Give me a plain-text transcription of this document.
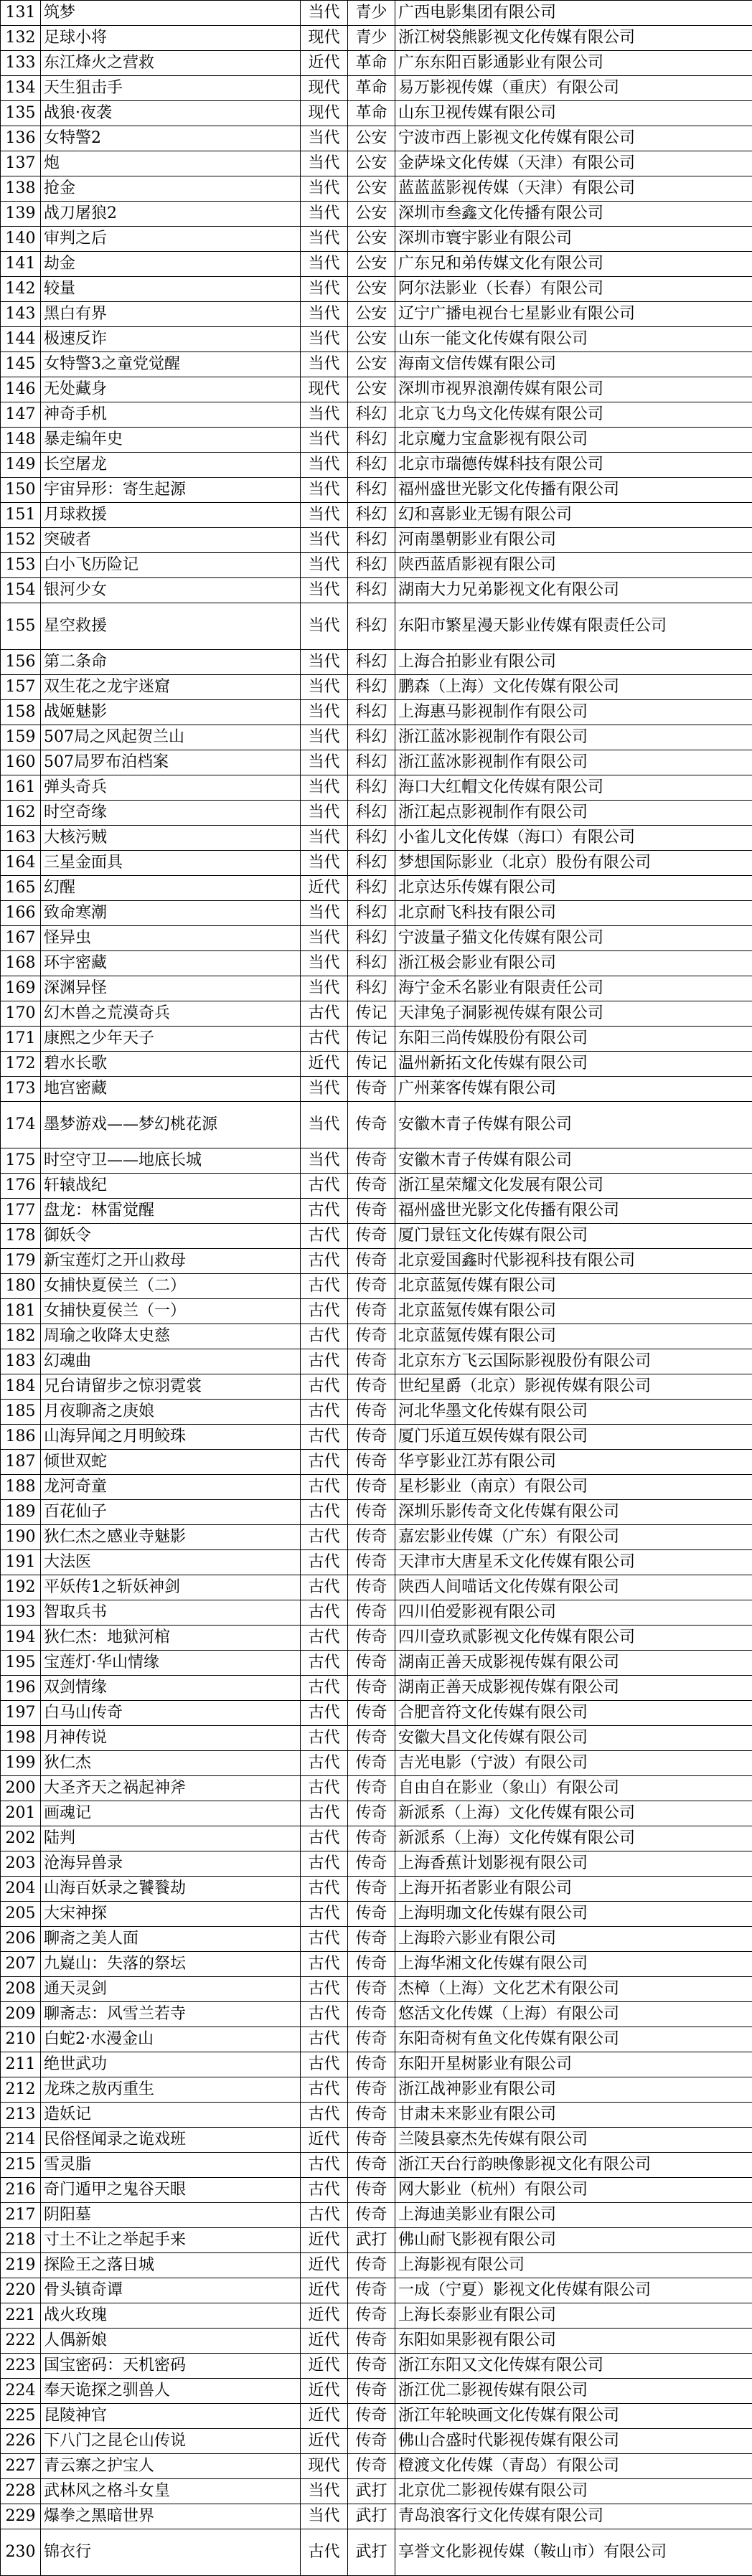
131	筑梦	当代	青少	广西电影集团有限公司
132	足球小将	现代	青少	浙江树袋熊影视文化传媒有限公司
133	东江烽火之营救	近代	革命	广东东阳百影通影业有限公司
134	天生狙击手	现代	革命	易万影视传媒（重庆）有限公司
135	战狼·夜袭	现代	革命	山东卫视传媒有限公司
136	女特警2	当代	公安	宁波市西上影视文化传媒有限公司
137	炮	当代	公安	金萨垛文化传媒（天津）有限公司
138	抢金	当代	公安	蓝蓝蓝影视传媒（天津）有限公司
139	战刀屠狼2	当代	公安	深圳市叁鑫文化传播有限公司
140	审判之后	当代	公安	深圳市寰宇影业有限公司
141	劫金	当代	公安	广东兄和弟传媒文化有限公司
142	较量	当代	公安	阿尔法影业（长春）有限公司
143	黑白有界	当代	公安	辽宁广播电视台七星影业有限公司
144	极速反诈	当代	公安	山东一能文化传媒有限公司
145	女特警3之童党觉醒	当代	公安	海南文信传媒有限公司
146	无处藏身	现代	公安	深圳市视界浪潮传媒有限公司
147	神奇手机	当代	科幻	北京飞力鸟文化传媒有限公司
148	暴走编年史	当代	科幻	北京魔力宝盒影视有限公司
149	长空屠龙	当代	科幻	北京市瑞德传媒科技有限公司
150	宇宙异形：寄生起源	当代	科幻	福州盛世光影文化传播有限公司
151	月球救援	当代	科幻	幻和喜影业无锡有限公司
152	突破者	当代	科幻	河南墨朝影业有限公司
153	白小飞历险记	当代	科幻	陕西蓝盾影视有限公司
154	银河少女	当代	科幻	湖南大力兄弟影视文化有限公司
155	星空救援	当代	科幻	东阳市繁星漫天影业传媒有限责任公司
156	第二条命	当代	科幻	上海合拍影业有限公司
157	双生花之龙宇迷窟	当代	科幻	鹏森（上海）文化传媒有限公司
158	战姬魅影	当代	科幻	上海惠马影视制作有限公司
159	507局之风起贺兰山	当代	科幻	浙江蓝冰影视制作有限公司
160	507局罗布泊档案	当代	科幻	浙江蓝冰影视制作有限公司
161	弹头奇兵	当代	科幻	海口大红帽文化传媒有限公司
162	时空奇缘	当代	科幻	浙江起点影视制作有限公司
163	大核污贼	当代	科幻	小雀儿文化传媒（海口）有限公司
164	三星金面具	当代	科幻	梦想国际影业（北京）股份有限公司
165	幻醒	近代	科幻	北京达乐传媒有限公司
166	致命寒潮	当代	科幻	北京耐飞科技有限公司
167	怪异虫	当代	科幻	宁波量子猫文化传媒有限公司
168	环宇密藏	当代	科幻	浙江极会影业有限公司
169	深渊异怪	当代	科幻	海宁金禾名影业有限责任公司
170	幻木兽之荒漠奇兵	古代	传记	天津兔子洞影视传媒有限公司
171	康熙之少年天子	古代	传记	东阳三尚传媒股份有限公司
172	碧水长歌	近代	传记	温州新拓文化传媒有限公司
173	地宫密藏	当代	传奇	广州莱客传媒有限公司
174	墨梦游戏——梦幻桃花源	当代	传奇	安徽木青子传媒有限公司
175	时空守卫——地底长城	当代	传奇	安徽木青子传媒有限公司
176	轩辕战纪	古代	传奇	浙江星荣耀文化发展有限公司
177	盘龙：林雷觉醒	古代	传奇	福州盛世光影文化传播有限公司
178	御妖令	古代	传奇	厦门景钰文化传媒有限公司
179	新宝莲灯之开山救母	古代	传奇	北京爱国鑫时代影视科技有限公司
180	女捕快夏侯兰（二）	古代	传奇	北京蓝氪传媒有限公司
181	女捕快夏侯兰（一）	古代	传奇	北京蓝氪传媒有限公司
182	周瑜之收降太史慈	古代	传奇	北京蓝氪传媒有限公司
183	幻魂曲	古代	传奇	北京东方飞云国际影视股份有限公司
184	兄台请留步之惊羽霓裳	古代	传奇	世纪星爵（北京）影视传媒有限公司
185	月夜聊斋之庚娘	古代	传奇	河北华墨文化传媒有限公司
186	山海异闻之月明鲛珠	古代	传奇	厦门乐道互娱传媒有限公司
187	倾世双蛇	古代	传奇	华亨影业江苏有限公司
188	龙河奇童	古代	传奇	星杉影业（南京）有限公司
189	百花仙子	古代	传奇	深圳乐影传奇文化传媒有限公司
190	狄仁杰之感业寺魅影	古代	传奇	嘉宏影业传媒（广东）有限公司
191	大法医	古代	传奇	天津市大唐星禾文化传媒有限公司
192	平妖传1之斩妖神剑	古代	传奇	陕西人间喵话文化传媒有限公司
193	智取兵书	古代	传奇	四川伯爱影视有限公司
194	狄仁杰：地狱河棺	古代	传奇	四川壹玖贰影视文化传媒有限公司
195	宝莲灯·华山情缘	古代	传奇	湖南正善天成影视传媒有限公司
196	双剑情缘	古代	传奇	湖南正善天成影视传媒有限公司
197	白马山传奇	古代	传奇	合肥音符文化传媒有限公司
198	月神传说	古代	传奇	安徽大昌文化传媒有限公司
199	狄仁杰	古代	传奇	吉光电影（宁波）有限公司
200	大圣齐天之祸起神斧	古代	传奇	自由自在影业（象山）有限公司
201	画魂记	古代	传奇	新派系（上海）文化传媒有限公司
202	陆判	古代	传奇	新派系（上海）文化传媒有限公司
203	沧海异兽录	古代	传奇	上海香蕉计划影视有限公司
204	山海百妖录之饕餮劫	古代	传奇	上海开拓者影业有限公司
205	大宋神探	古代	传奇	上海明珈文化传媒有限公司
206	聊斋之美人面	古代	传奇	上海聆六影业有限公司
207	九嶷山：失落的祭坛	古代	传奇	上海华湘文化传媒有限公司
208	通天灵剑	古代	传奇	杰樟（上海）文化艺术有限公司
209	聊斋志：风雪兰若寺	古代	传奇	悠活文化传媒（上海）有限公司
210	白蛇2·水漫金山	古代	传奇	东阳奇树有鱼文化传媒有限公司
211	绝世武功	古代	传奇	东阳开星树影业有限公司
212	龙珠之敖丙重生	古代	传奇	浙江战神影业有限公司
213	造妖记	古代	传奇	甘肃未来影业有限公司
214	民俗怪闻录之诡戏班	近代	传奇	兰陵县豪杰先传媒有限公司
215	雪灵脂	古代	传奇	浙江天台行韵映像影视文化有限公司
216	奇门遁甲之鬼谷天眼	古代	传奇	网大影业（杭州）有限公司
217	阴阳墓	古代	传奇	上海迪美影业有限公司
218	寸土不让之举起手来	近代	武打	佛山耐飞影视有限公司
219	探险王之落日城	近代	传奇	上海影视有限公司
220	骨头镇奇谭	近代	传奇	一成（宁夏）影视文化传媒有限公司
221	战火玫瑰	近代	传奇	上海长泰影业有限公司
222	人偶新娘	近代	传奇	东阳如果影视有限公司
223	国宝密码：天机密码	近代	传奇	浙江东阳又文化传媒有限公司
224	奉天诡探之驯兽人	近代	传奇	浙江优二影视传媒有限公司
225	昆陵神官	近代	传奇	浙江年轮映画文化传媒有限公司
226	下八门之昆仑山传说	近代	传奇	佛山合盛时代影视传媒有限公司
227	青云寨之护宝人	现代	传奇	橙渡文化传媒（青岛）有限公司
228	武林风之格斗女皇	当代	武打	北京优二影视传媒有限公司
229	爆拳之黑暗世界	当代	武打	青岛浪客行文化传媒有限公司
230	锦衣行	古代	武打	享誉文化影视传媒（鞍山市）有限公司
